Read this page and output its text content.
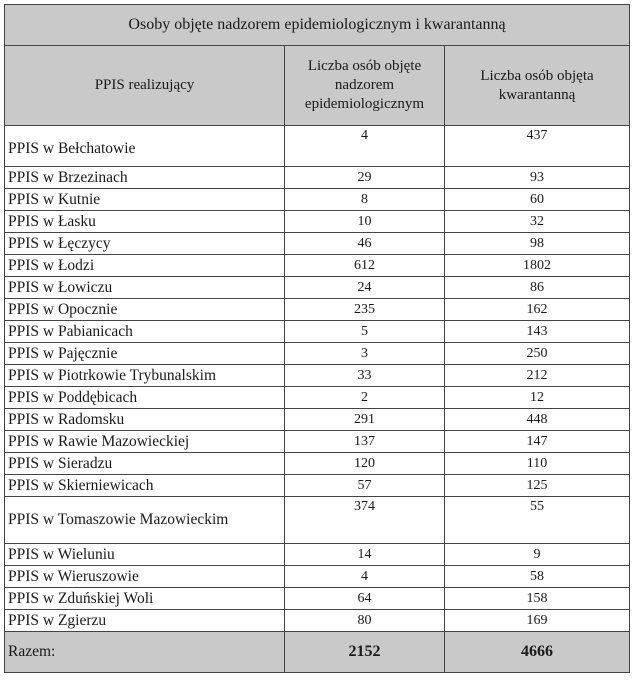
Osoby objęte nadzorem epidemiologicznym i kwarantanną		
PPIS realizujący	Liczba osób objęte nadzorem epidemiologicznym	Liczba osób objęta kwarantanną
PPIS w Bełchatowie	4	437
PPIS w Brzezinach	29	93
PPIS w Kutnie	8	60
PPIS w Łasku	10	32
PPIS w Łęczycy	46	98
PPIS w Łodzi	612	1802
PPIS w Łowiczu	24	86
PPIS w Opocznie	235	162
PPIS w Pabianicach	5	143
PPIS w Pajęcznie	3	250
PPIS w Piotrkowie Trybunalskim	33	212
PPIS w Poddębicach	2	12
PPIS w Radomsku	291	448
PPIS w Rawie Mazowieckiej	137	147
PPIS w Sieradzu	120	110
PPIS w Skierniewicach	57	125
PPIS w Tomaszowie Mazowieckim	374	55
PPIS w Wieluniu	14	9
PPIS w Wieruszowie	4	58
PPIS w Zduńskiej Woli	64	158
PPIS w Zgierzu	80	169
Razem:	2152	4666
